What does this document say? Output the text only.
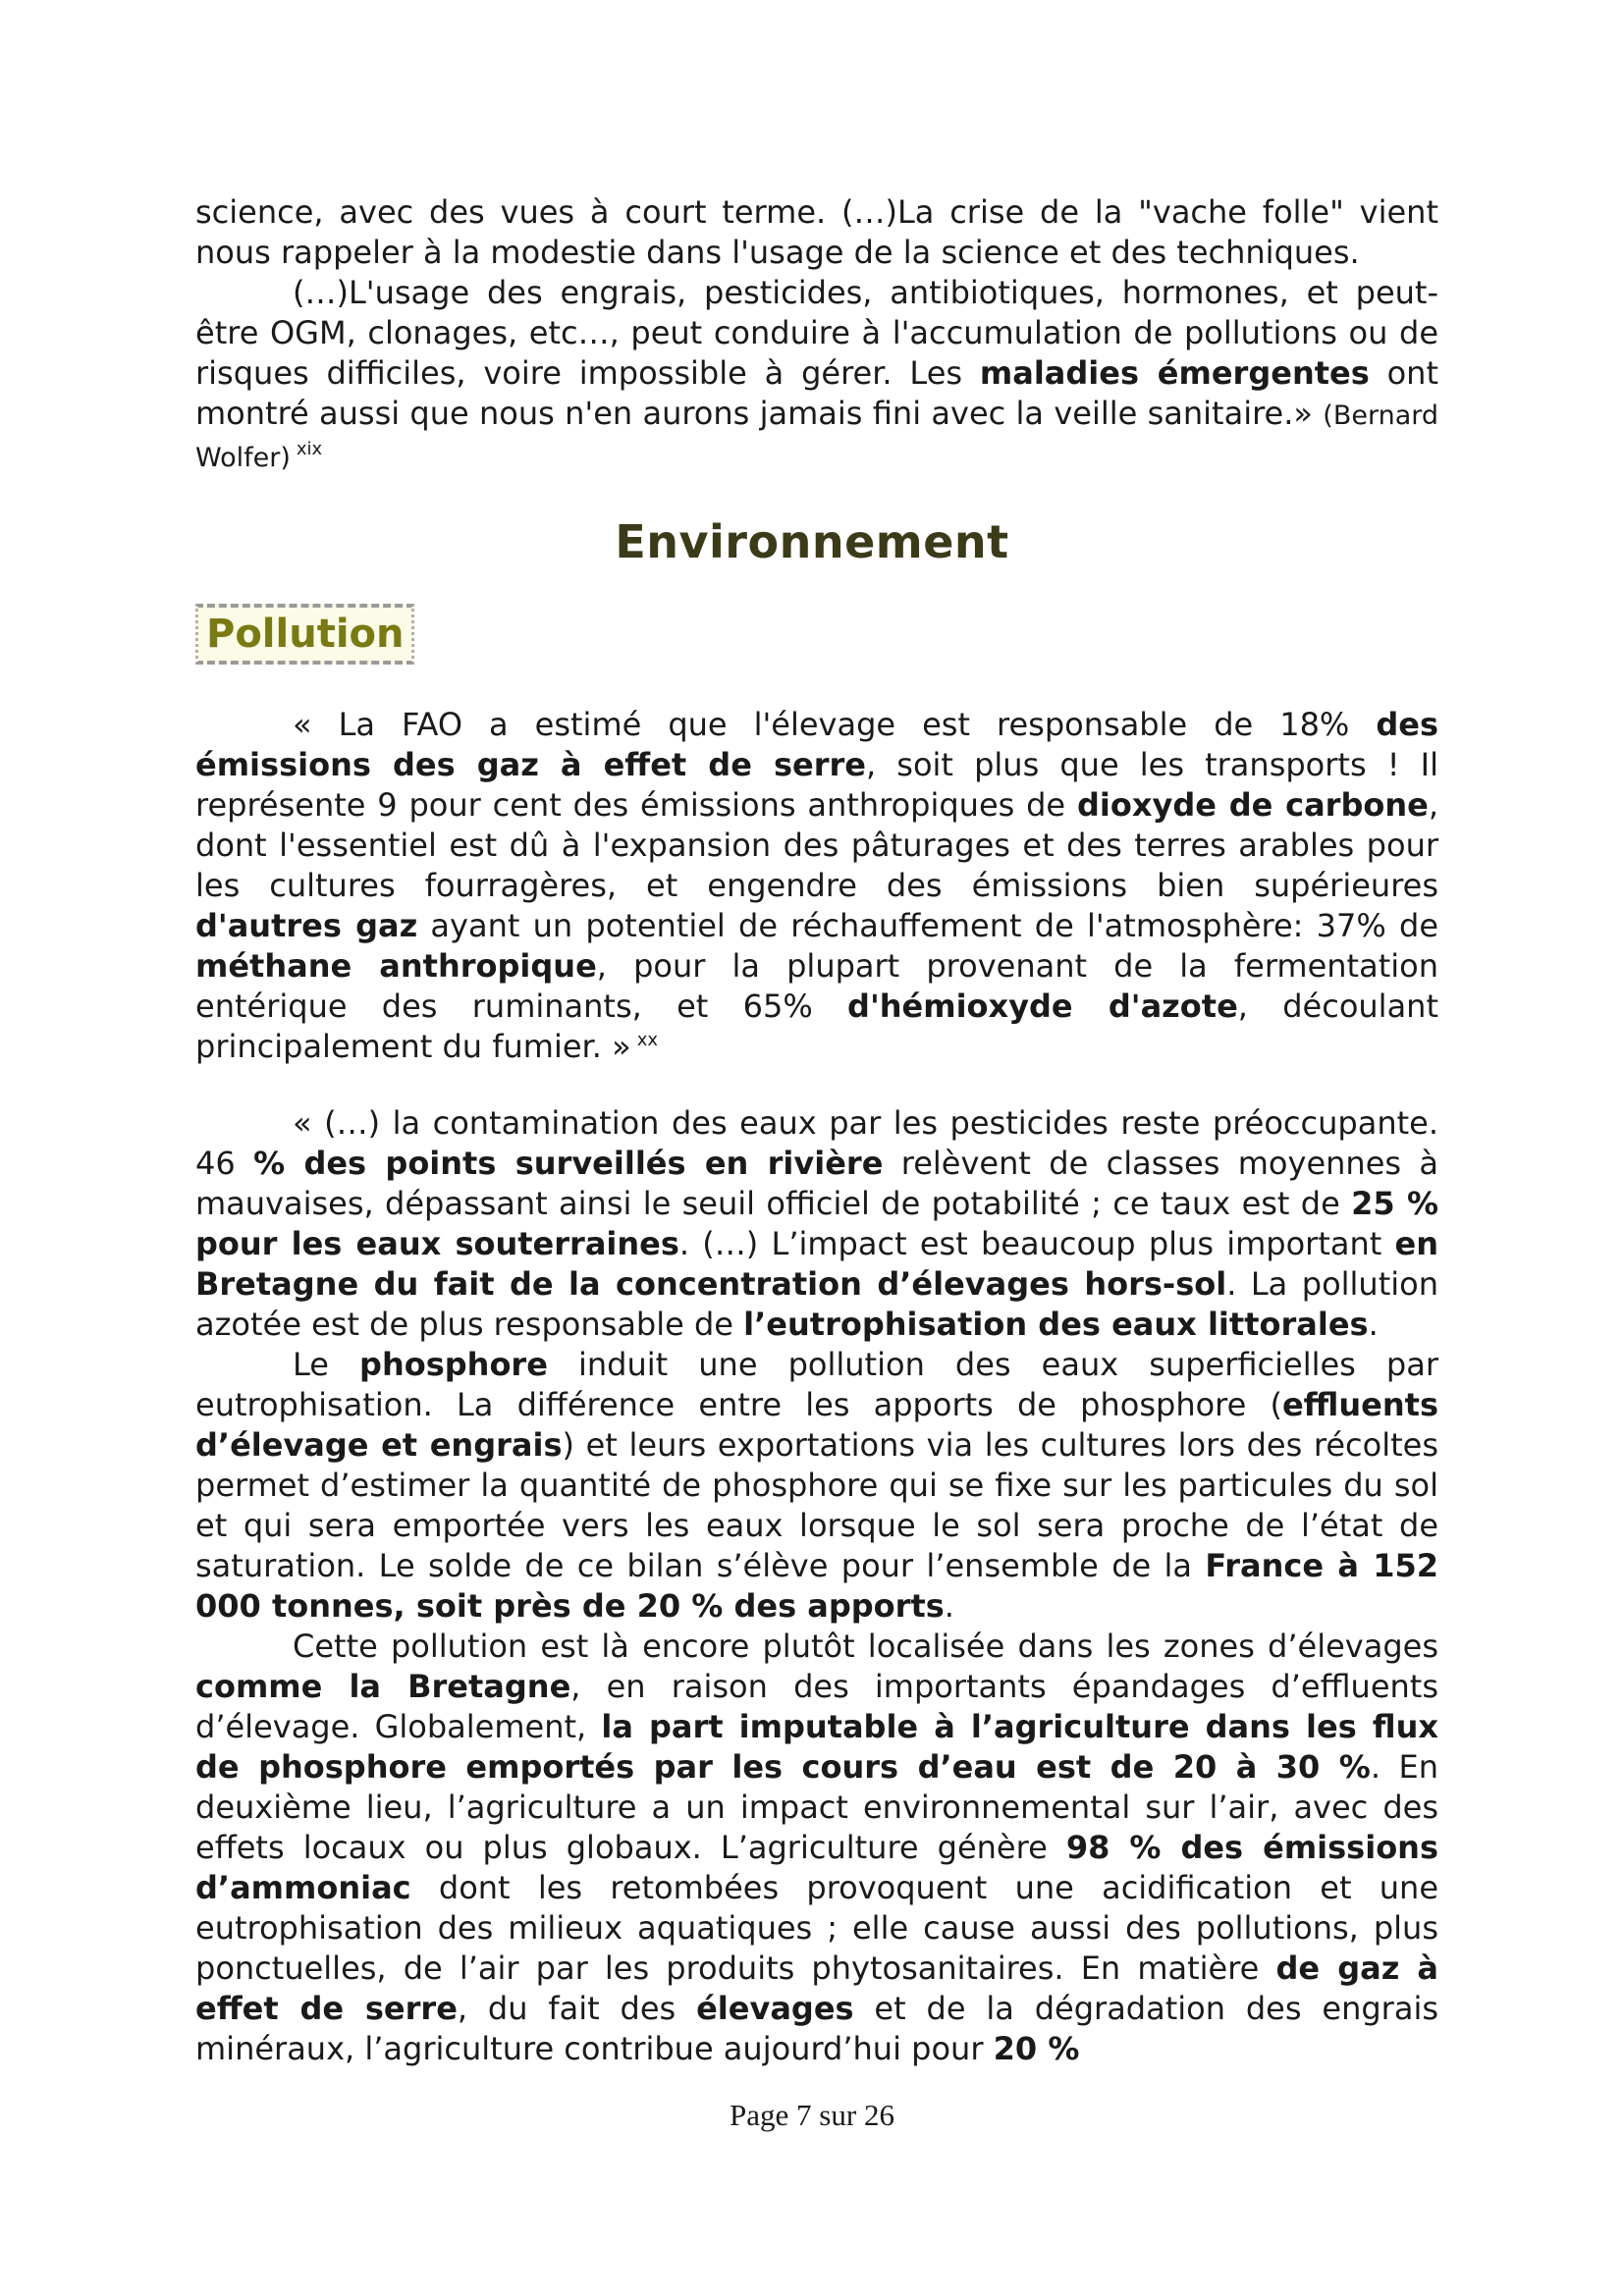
science, avec des vues à court terme. (…)La crise de la "vache folle" vient nous rappeler à la modestie dans l'usage de la science et des techniques.

(…)L'usage des engrais, pesticides, antibiotiques, hormones, et peut-être OGM, clonages, etc…, peut conduire à l'accumulation de pollutions ou de risques difficiles, voire impossible à gérer. Les maladies émergentes ont montré aussi que nous n'en aurons jamais fini avec la veille sanitaire.» (Bernard Wolfer) $^{xix}$

Environnement
Pollution

« La FAO a estimé que l'élevage est responsable de 18% des émissions des gaz à effet de serre, soit plus que les transports ! Il représente 9 pour cent des émissions anthropiques de dioxyde de carbone, dont l'essentiel est dû à l'expansion des pâturages et des terres arables pour les cultures fourragères, et engendre des émissions bien supérieures d'autres gaz ayant un potentiel de réchauffement de l'atmosphère: 37% de méthane anthropique, pour la plupart provenant de la fermentation entérique des ruminants, et 65% d'hémioxyde d'azote, découlant principalement du fumier. » $^{xx}$

« (…) la contamination des eaux par les pesticides reste préoccupante. 46 % des points surveillés en rivière relèvent de classes moyennes à mauvaises, dépassant ainsi le seuil officiel de potabilité ; ce taux est de 25 % pour les eaux souterraines. (…) L’impact est beaucoup plus important en Bretagne du fait de la concentration d’élevages hors-sol. La pollution azotée est de plus responsable de l’eutrophisation des eaux littorales.

Le phosphore induit une pollution des eaux superficielles par eutrophisation. La différence entre les apports de phosphore (effluents d’élevage et engrais) et leurs exportations via les cultures lors des récoltes permet d’estimer la quantité de phosphore qui se fixe sur les particules du sol et qui sera emportée vers les eaux lorsque le sol sera proche de l’état de saturation. Le solde de ce bilan s’élève pour l’ensemble de la France à 152 000 tonnes, soit près de 20 % des apports.

Cette pollution est là encore plutôt localisée dans les zones d’élevages comme la Bretagne, en raison des importants épandages d’effluents d’élevage. Globalement, la part imputable à l’agriculture dans les flux de phosphore emportés par les cours d’eau est de 20 à 30 %. En deuxième lieu, l’agriculture a un impact environnemental sur l’air, avec des effets locaux ou plus globaux. L’agriculture génère 98 % des émissions d’ammoniac dont les retombées provoquent une acidification et une eutrophisation des milieux aquatiques ; elle cause aussi des pollutions, plus ponctuelles, de l’air par les produits phytosanitaires. En matière de gaz à effet de serre, du fait des élevages et de la dégradation des engrais minéraux, l’agriculture contribue aujourd’hui pour 20 %

Page 7 sur 26
